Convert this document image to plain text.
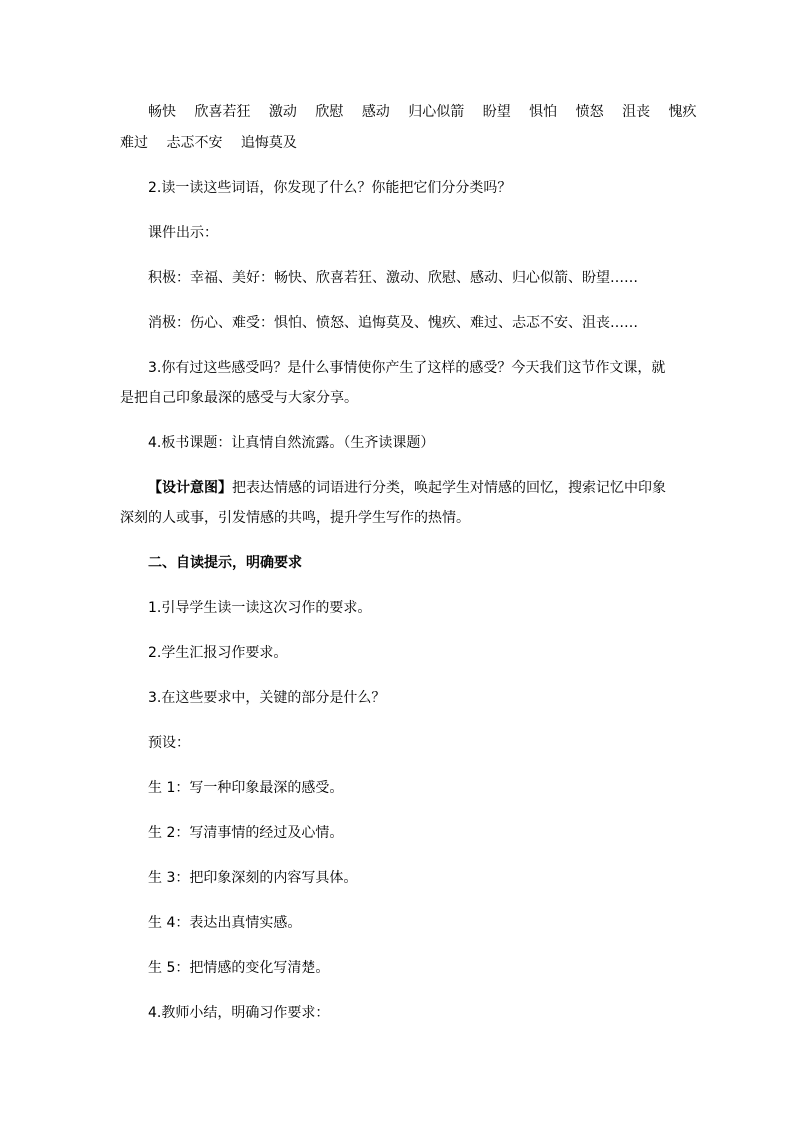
畅快 欣喜若狂 激动 欣慰 感动 归心似箭 盼望 惧怕 愤怒 沮丧 愧疚
难过 忐忑不安 追悔莫及
2.读一读这些词语，你发现了什么？你能把它们分分类吗？
课件出示：
积极：幸福、美好：畅快、欣喜若狂、激动、欣慰、感动、归心似箭、盼望……
消极：伤心、难受：惧怕、愤怒、追悔莫及、愧疚、难过、忐忑不安、沮丧……
3.你有过这些感受吗？是什么事情使你产生了这样的感受？今天我们这节作文课，就是把自己印象最深的感受与大家分享。
4.板书课题：让真情自然流露。（生齐读课题）
【设计意图】把表达情感的词语进行分类，唤起学生对情感的回忆，搜索记忆中印象深刻的人或事，引发情感的共鸣，提升学生写作的热情。
二、自读提示，明确要求
1.引导学生读一读这次习作的要求。
2.学生汇报习作要求。
3.在这些要求中，关键的部分是什么？
预设：
生 1：写一种印象最深的感受。
生 2：写清事情的经过及心情。
生 3：把印象深刻的内容写具体。
生 4：表达出真情实感。
生 5：把情感的变化写清楚。
4.教师小结，明确习作要求：
